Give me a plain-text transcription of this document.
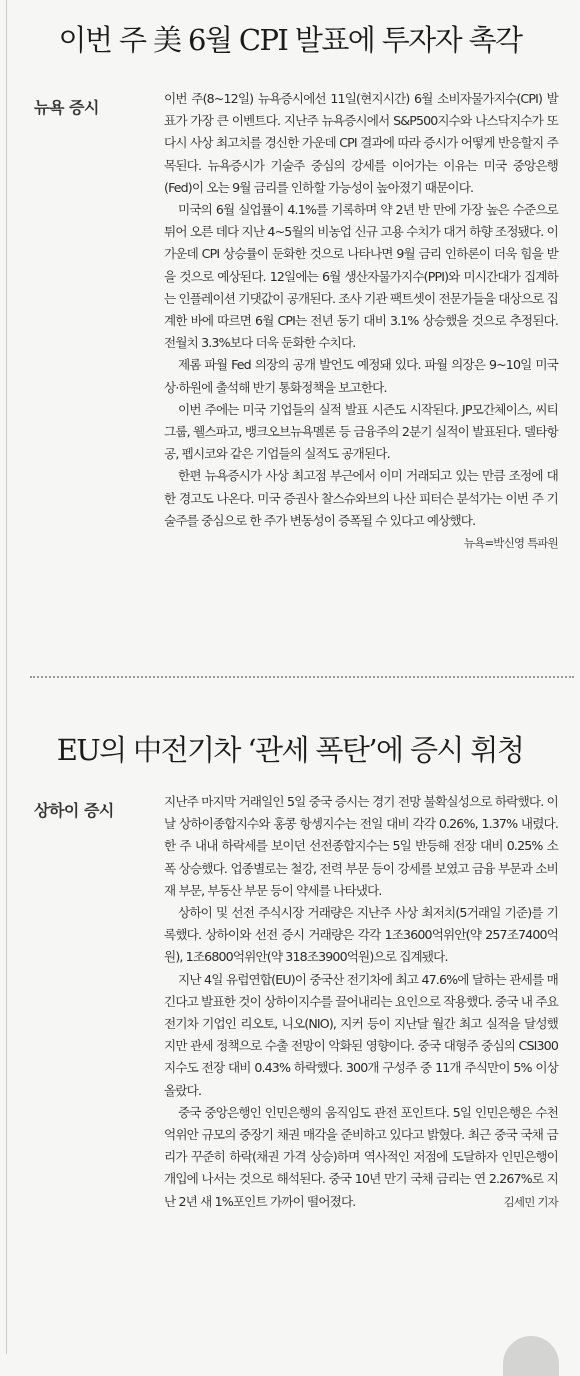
이번 주 美 6월 CPI 발표에 투자자 촉각
뉴욕 증시	이번 주(8~12일) 뉴욕증시에선 11일(현지시간) 6월 소비자물가지수(CPI) 발표가 가장 큰 이벤트다. 지난주 뉴욕증시에서 S&P500지수와 나스닥지수가 또다시 사상 최고치를 경신한 가운데 CPI 결과에 따라 증시가 어떻게 반응할지 주목된다. 뉴욕증시가 기술주 중심의 강세를 이어가는 이유는 미국 중앙은행(Fed)이 오는 9월 금리를 인하할 가능성이 높아졌기 때문이다.

미국의 6월 실업률이 4.1%를 기록하며 약 2년 반 만에 가장 높은 수준으로 튀어 오른 데다 지난 4~5월의 비농업 신규 고용 수치가 대거 하향 조정됐다. 이 가운데 CPI 상승률이 둔화한 것으로 나타나면 9월 금리 인하론이 더욱 힘을 받을 것으로 예상된다. 12일에는 6월 생산자물가지수(PPI)와 미시간대가 집계하는 인플레이션 기댓값이 공개된다. 조사 기관 팩트셋이 전문가들을 대상으로 집계한 바에 따르면 6월 CPI는 전년 동기 대비 3.1% 상승했을 것으로 추정된다. 전월치 3.3%보다 더욱 둔화한 수치다.

제롬 파월 Fed 의장의 공개 발언도 예정돼 있다. 파월 의장은 9~10일 미국 상·하원에 출석해 반기 통화정책을 보고한다.

이번 주에는 미국 기업들의 실적 발표 시즌도 시작된다. JP모간체이스, 씨티그룹, 웰스파고, 뱅크오브뉴욕멜론 등 금융주의 2분기 실적이 발표된다. 델타항공, 펩시코와 같은 기업들의 실적도 공개된다.

한편 뉴욕증시가 사상 최고점 부근에서 이미 거래되고 있는 만큼 조정에 대한 경고도 나온다. 미국 증권사 찰스슈와브의 나산 피터슨 분석가는 이번 주 기술주를 중심으로 한 주가 변동성이 증폭될 수 있다고 예상했다.
뉴욕=박신영 특파원

EU의 中전기차 ‘관세 폭탄’에 증시 휘청
상하이 증시	지난주 마지막 거래일인 5일 중국 증시는 경기 전망 불확실성으로 하락했다. 이날 상하이종합지수와 홍콩 항셍지수는 전일 대비 각각 0.26%, 1.37% 내렸다. 한 주 내내 하락세를 보이던 선전종합지수는 5일 반등해 전장 대비 0.25% 소폭 상승했다. 업종별로는 철강, 전력 부문 등이 강세를 보였고 금융 부문과 소비재 부문, 부동산 부문 등이 약세를 나타냈다.

상하이 및 선전 주식시장 거래량은 지난주 사상 최저치(5거래일 기준)를 기록했다. 상하이와 선전 증시 거래량은 각각 1조3600억위안(약 257조7400억원), 1조6800억위안(약 318조3900억원)으로 집계됐다.

지난 4일 유럽연합(EU)이 중국산 전기차에 최고 47.6%에 달하는 관세를 매긴다고 발표한 것이 상하이지수를 끌어내리는 요인으로 작용했다. 중국 내 주요 전기차 기업인 리오토, 니오(NIO), 지커 등이 지난달 월간 최고 실적을 달성했지만 관세 정책으로 수출 전망이 악화된 영향이다. 중국 대형주 중심의 CSI300지수도 전장 대비 0.43% 하락했다. 300개 구성주 중 11개 주식만이 5% 이상 올랐다.

중국 중앙은행인 인민은행의 움직임도 관전 포인트다. 5일 인민은행은 수천억위안 규모의 중장기 채권 매각을 준비하고 있다고 밝혔다. 최근 중국 국채 금리가 꾸준히 하락(채권 가격 상승)하며 역사적인 저점에 도달하자 인민은행이 개입에 나서는 것으로 해석된다. 중국 10년 만기 국채 금리는 연 2.267%로 지난 2년 새 1%포인트 가까이 떨어졌다.	김세민 기자
